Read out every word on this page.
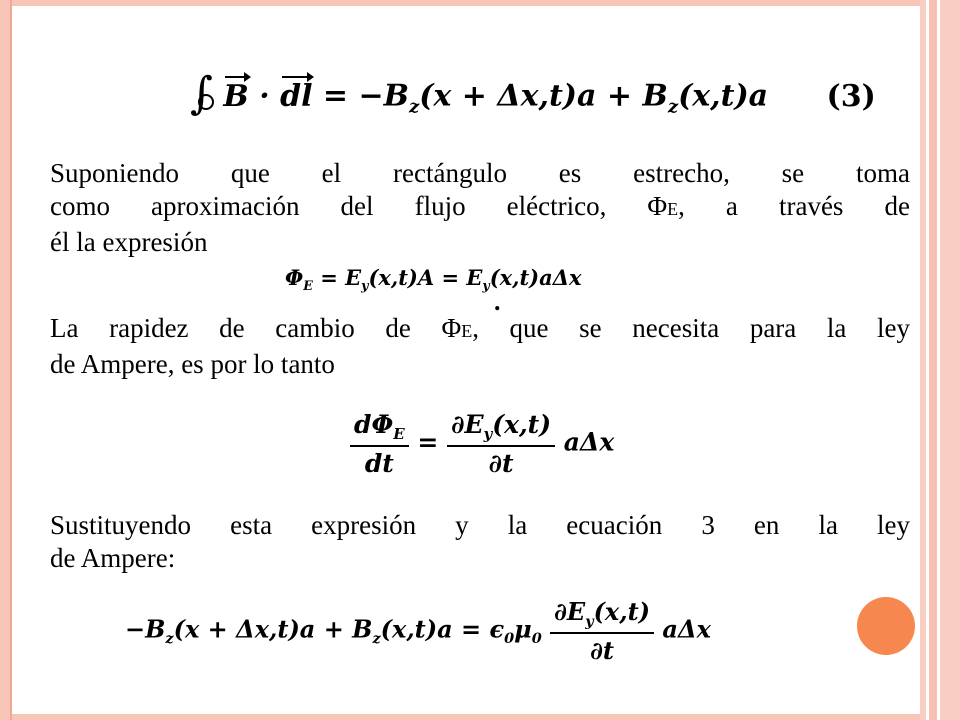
∫ B · dl = $-B_z(x + \Delta x,t)a + B_z(x,t)a$ (3)
Suponiendo que el rectángulo es estrecho, se toma
como aproximación del flujo eléctrico, ΦE, a través de
él la expresión
$\Phi_E = E_y(x,t)A = E_y(x,t)a\Delta x$
.
La rapidez de cambio de ΦE, que se necesita para la ley
de Ampere, es por lo tanto
$\frac{d\Phi_E}{dt} = \frac{\partial E_y(x,t)}{\partial t}$ aΔx
Sustituyendo esta expresión y la ecuación 3 en la ley
de Ampere:
$-B_z(x + \Delta x,t)a + B_z(x,t)a = \epsilon_0\mu_0 \frac{\partial E_y(x,t)}{\partial t}$ aΔx
